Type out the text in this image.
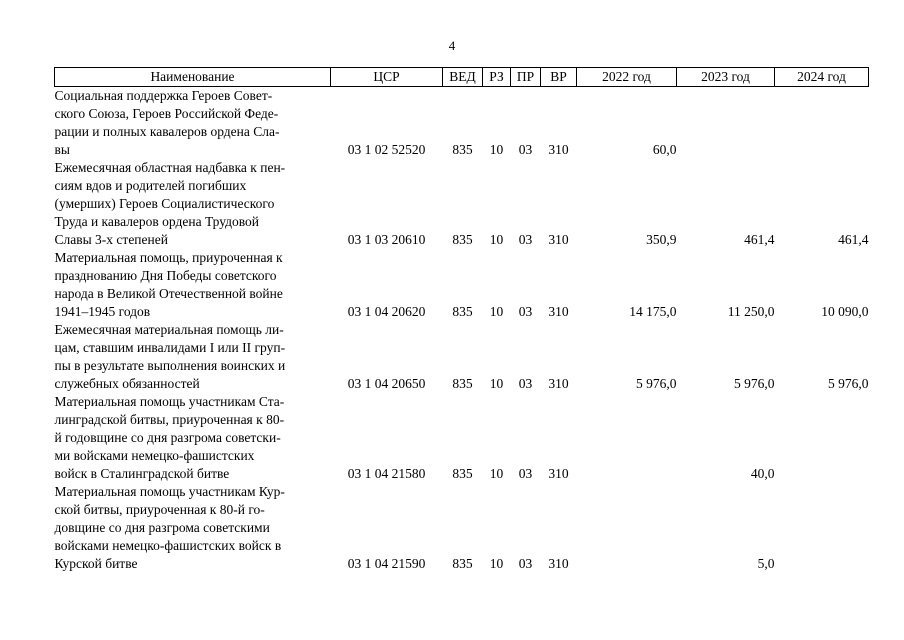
4
Наименование	ЦСР	ВЕД	РЗ	ПР	ВР	2022 год	2023 год	2024 год

Социальная поддержка Героев Совет-
ского Союза, Героев Российской Феде-
рации и полных кавалеров ордена Сла-
вы	03 1 02 52520	835	10	03	310	60,0		

Ежемесячная областная надбавка к пен-
сиям вдов и родителей погибших
(умерших) Героев Социалистического
Труда и кавалеров ордена Трудовой
Славы 3-х степеней	03 1 03 20610	835	10	03	310	350,9	461,4	461,4

Материальная помощь, приуроченная к
празднованию Дня Победы советского
народа в Великой Отечественной войне
1941–1945 годов	03 1 04 20620	835	10	03	310	14 175,0	11 250,0	10 090,0

Ежемесячная материальная помощь ли-
цам, ставшим инвалидами I или II груп-
пы в результате выполнения воинских и
служебных обязанностей	03 1 04 20650	835	10	03	310	5 976,0	5 976,0	5 976,0

Материальная помощь участникам Ста-
линградской битвы, приуроченная к 80-
й годовщине со дня разгрома советски-
ми войсками немецко-фашистских
войск в Сталинградской битве	03 1 04 21580	835	10	03	310		40,0	

Материальная помощь участникам Кур-
ской битвы, приуроченная к 80-й го-
довщине со дня разгрома советскими
войсками немецко-фашистских войск в
Курской битве	03 1 04 21590	835	10	03	310		5,0	
